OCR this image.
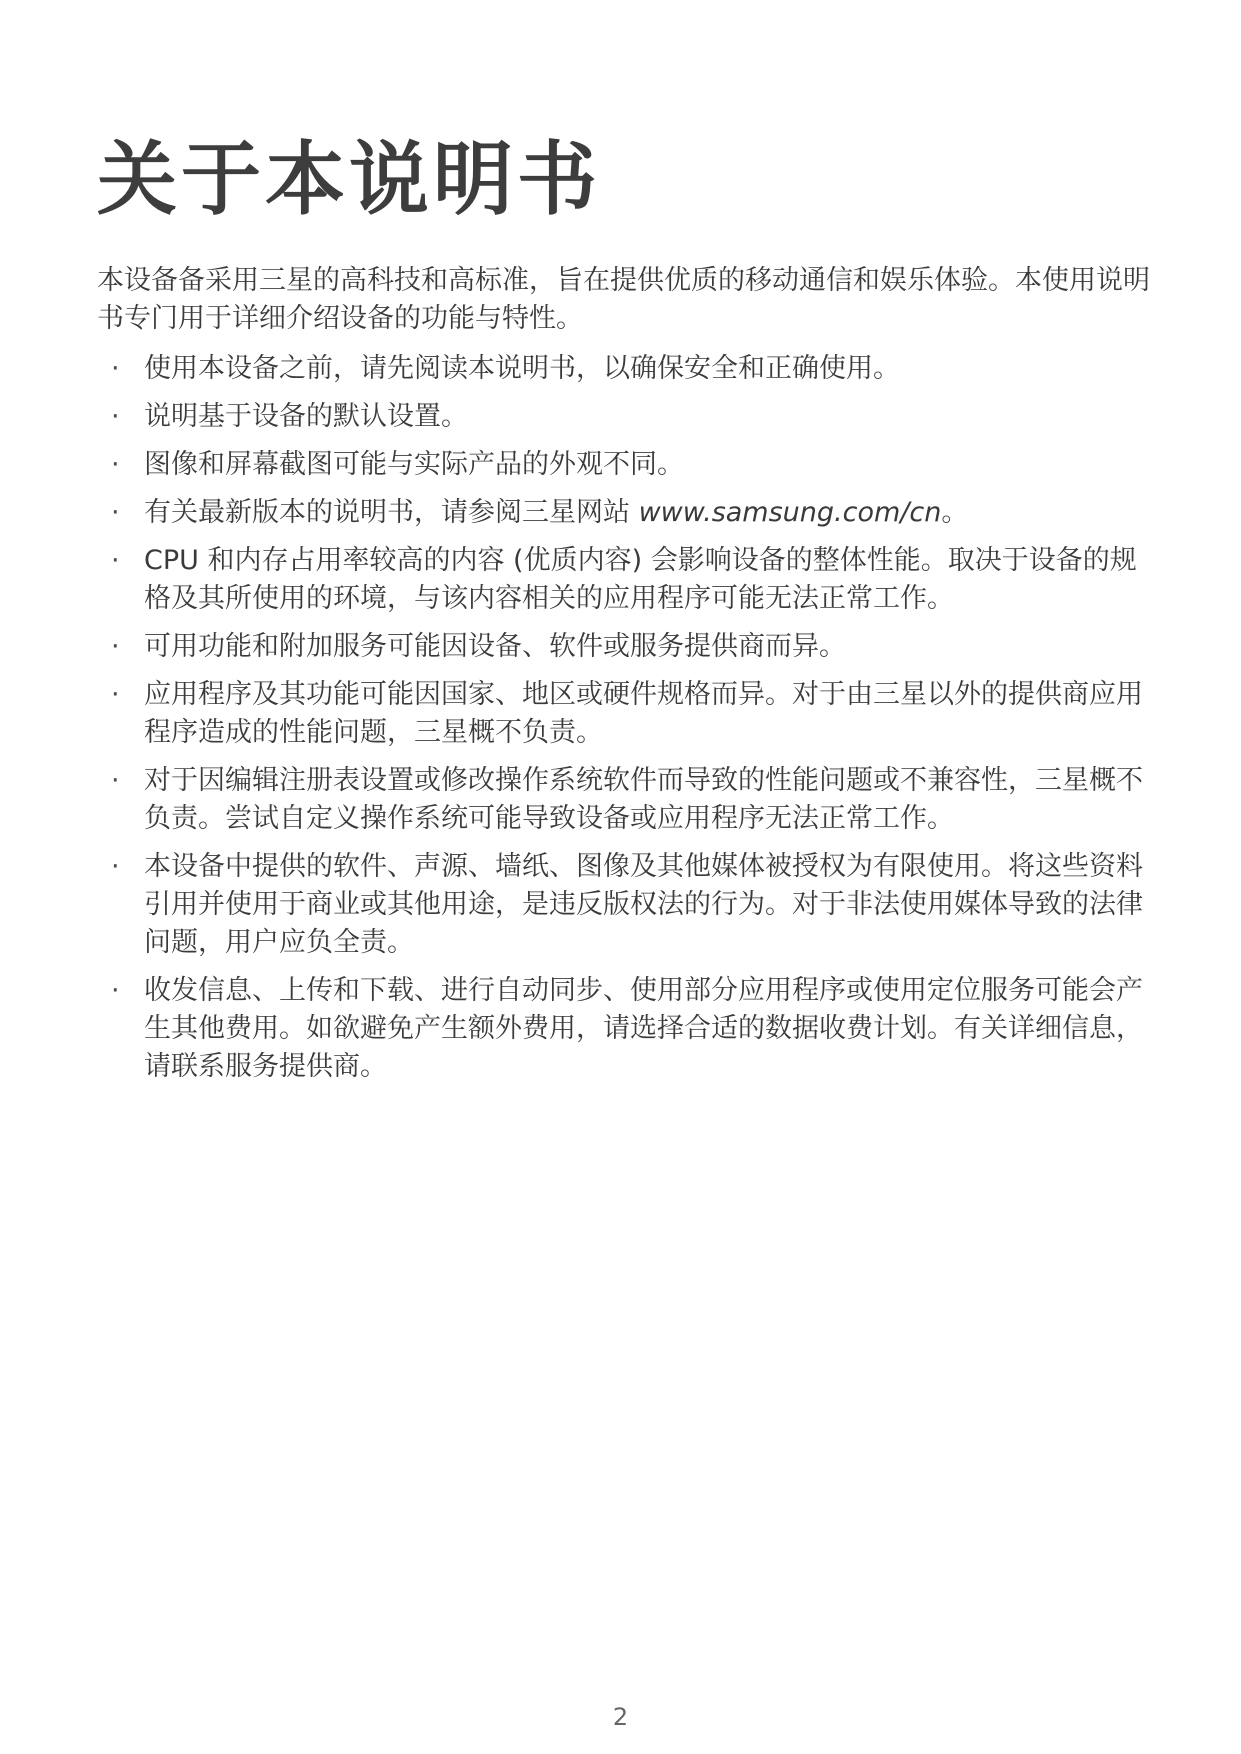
关于本说明书

本设备备采用三星的高科技和高标准，旨在提供优质的移动通信和娱乐体验。本使用说明书专门用于详细介绍设备的功能与特性。

· 使用本设备之前，请先阅读本说明书，以确保安全和正确使用。
· 说明基于设备的默认设置。
· 图像和屏幕截图可能与实际产品的外观不同。
· 有关最新版本的说明书，请参阅三星网站 www.samsung.com/cn。
· CPU 和内存占用率较高的内容 (优质内容) 会影响设备的整体性能。取决于设备的规格及其所使用的环境，与该内容相关的应用程序可能无法正常工作。
· 可用功能和附加服务可能因设备、软件或服务提供商而异。
· 应用程序及其功能可能因国家、地区或硬件规格而异。对于由三星以外的提供商应用程序造成的性能问题，三星概不负责。
· 对于因编辑注册表设置或修改操作系统软件而导致的性能问题或不兼容性，三星概不负责。尝试自定义操作系统可能导致设备或应用程序无法正常工作。
· 本设备中提供的软件、声源、墙纸、图像及其他媒体被授权为有限使用。将这些资料引用并使用于商业或其他用途，是违反版权法的行为。对于非法使用媒体导致的法律问题，用户应负全责。
· 收发信息、上传和下载、进行自动同步、使用部分应用程序或使用定位服务可能会产生其他费用。如欲避免产生额外费用，请选择合适的数据收费计划。有关详细信息，请联系服务提供商。
2
